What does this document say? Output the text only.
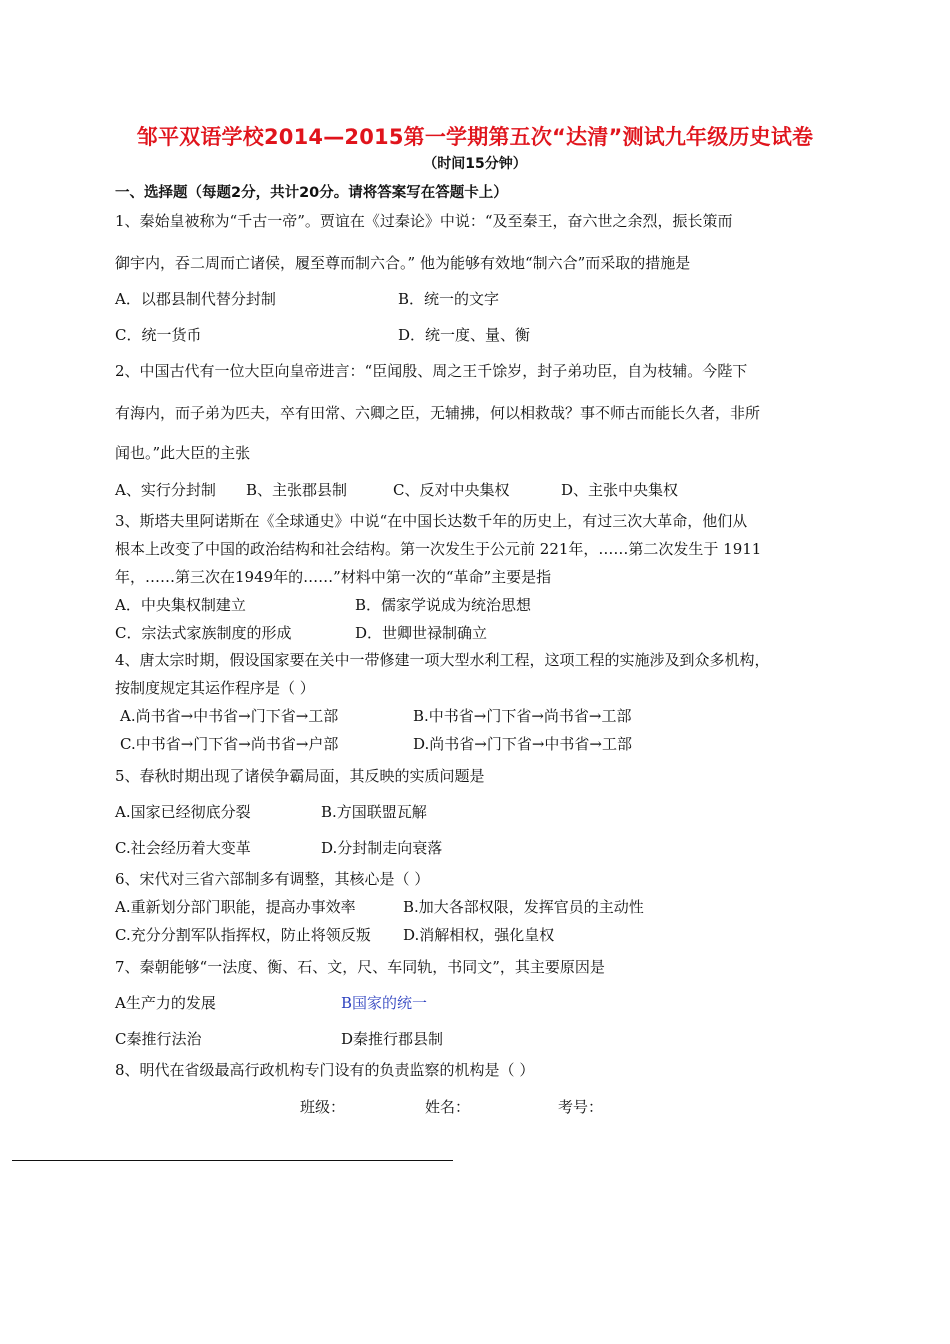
邹平双语学校2014—2015第一学期第五次“达清”测试九年级历史试卷
（时间15分钟）
一、选择题（每题2分，共计20分。请将答案写在答题卡上）
1、秦始皇被称为“千古一帝”。贾谊在《过秦论》中说：“及至秦王，奋六世之余烈，振长策而
御宇内，吞二周而亡诸侯，履至尊而制六合。” 他为能够有效地“制六合”而采取的措施是
A．以郡县制代替分封制	B．统一的文字
C．统一货币	D．统一度、量、衡
2、中国古代有一位大臣向皇帝进言：“臣闻殷、周之王千馀岁，封子弟功臣，自为枝辅。今陛下
有海内，而子弟为匹夫，卒有田常、六卿之臣，无辅拂，何以相救哉？事不师古而能长久者，非所
闻也。”此大臣的主张
A、实行分封制 B、主张郡县制	C、反对中央集权	D、主张中央集权
3、斯塔夫里阿诺斯在《全球通史》中说“在中国长达数千年的历史上，有过三次大革命，他们从
根本上改变了中国的政治结构和社会结构。第一次发生于公元前 221年，……第二次发生于 1911
年，……第三次在1949年的……”材料中第一次的“革命”主要是指
A．中央集权制建立	B．儒家学说成为统治思想
C．宗法式家族制度的形成	D．世卿世禄制确立
4、唐太宗时期，假设国家要在关中一带修建一项大型水利工程，这项工程的实施涉及到众多机构，
按制度规定其运作程序是（ ）
A.尚书省→中书省→门下省→工部	B.中书省→门下省→尚书省→工部
C.中书省→门下省→尚书省→户部	D.尚书省→门下省→中书省→工部
5、春秋时期出现了诸侯争霸局面，其反映的实质问题是
A.国家已经彻底分裂	B.方国联盟瓦解
C.社会经历着大变革	D.分封制走向衰落
6、宋代对三省六部制多有调整，其核心是（ ）
A.重新划分部门职能，提高办事效率	B.加大各部权限，发挥官员的主动性
C.充分分割军队指挥权，防止将领反叛 D.消解相权，强化皇权
7、秦朝能够“一法度、衡、石、文，尺、车同轨，书同文”，其主要原因是
A生产力的发展	B国家的统一
C秦推行法治	D秦推行郡县制
8、明代在省级最高行政机构专门设有的负责监察的机构是（ ）
班级：	姓名：	考号：
